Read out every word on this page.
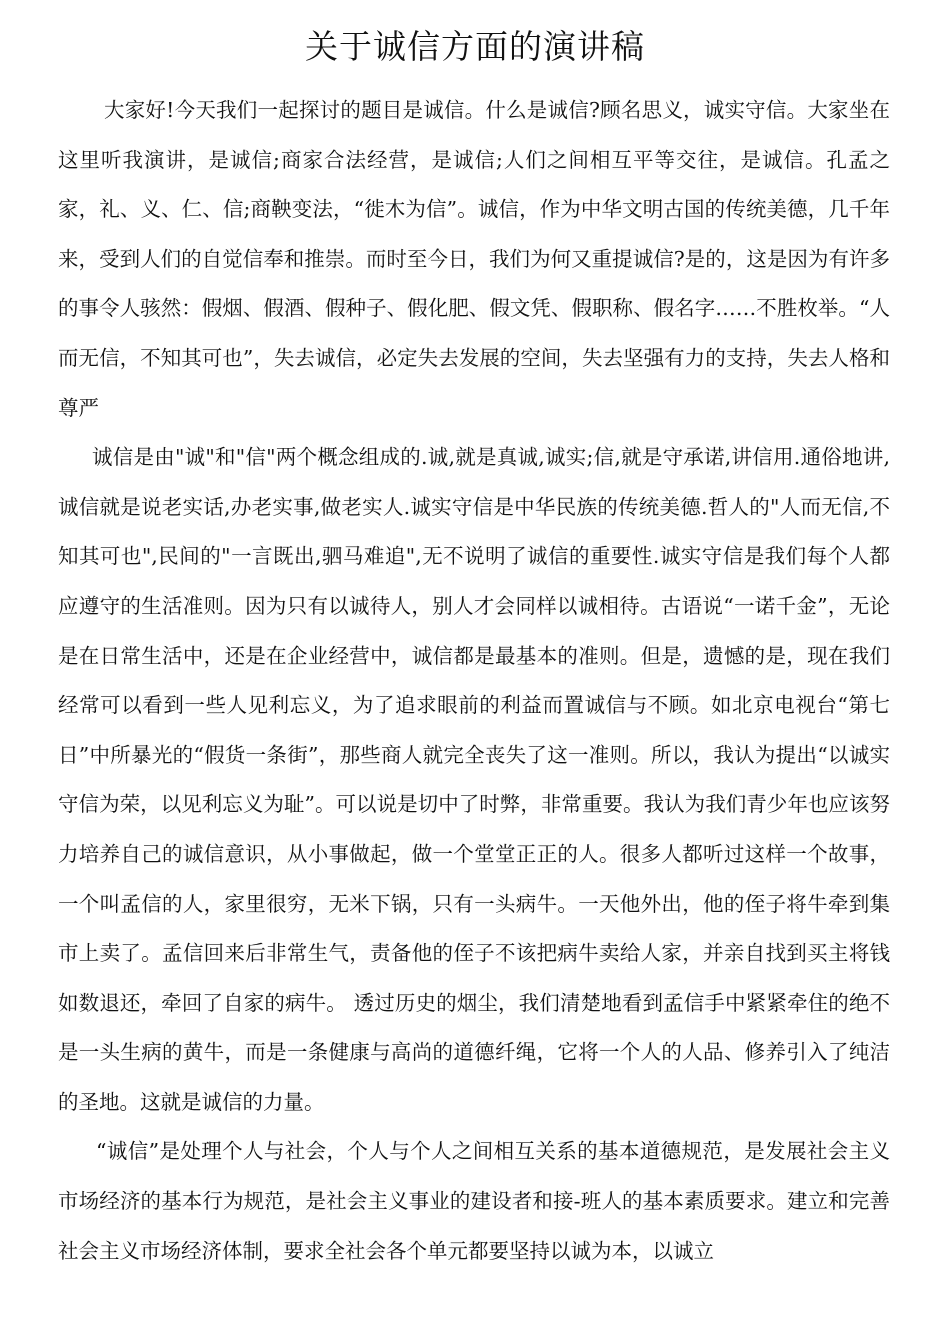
关于诚信方面的演讲稿

大家好!今天我们一起探讨的题目是诚信。什么是诚信?顾名思义，诚实守信。大家坐在这里听我演讲，是诚信;商家合法经营，是诚信;人们之间相互平等交往，是诚信。孔孟之家，礼、义、仁、信;商鞅变法，“徙木为信”。诚信，作为中华文明古国的传统美德，几千年来，受到人们的自觉信奉和推崇。而时至今日，我们为何又重提诚信?是的，这是因为有许多的事令人骇然：假烟、假酒、假种子、假化肥、假文凭、假职称、假名字……不胜枚举。“人而无信，不知其可也”，失去诚信，必定失去发展的空间，失去坚强有力的支持，失去人格和尊严

诚信是由"诚"和"信"两个概念组成的.诚,就是真诚,诚实;信,就是守承诺,讲信用.通俗地讲,诚信就是说老实话,办老实事,做老实人.诚实守信是中华民族的传统美德.哲人的"人而无信,不知其可也",民间的"一言既出,驷马难追",无不说明了诚信的重要性.诚实守信是我们每个人都应遵守的生活准则。因为只有以诚待人，别人才会同样以诚相待。古语说“一诺千金”，无论是在日常生活中，还是在企业经营中，诚信都是最基本的准则。但是，遗憾的是，现在我们经常可以看到一些人见利忘义，为了追求眼前的利益而置诚信与不顾。如北京电视台“第七日”中所暴光的“假货一条街”，那些商人就完全丧失了这一准则。所以，我认为提出“以诚实守信为荣，以见利忘义为耻”。可以说是切中了时弊，非常重要。我认为我们青少年也应该努力培养自己的诚信意识，从小事做起，做一个堂堂正正的人。很多人都听过这样一个故事，一个叫孟信的人，家里很穷，无米下锅，只有一头病牛。一天他外出，他的侄子将牛牵到集市上卖了。孟信回来后非常生气，责备他的侄子不该把病牛卖给人家，并亲自找到买主将钱如数退还，牵回了自家的病牛。 透过历史的烟尘，我们清楚地看到孟信手中紧紧牵住的绝不是一头生病的黄牛，而是一条健康与高尚的道德纤绳，它将一个人的人品、修养引入了纯洁的圣地。这就是诚信的力量。

“诚信”是处理个人与社会，个人与个人之间相互关系的基本道德规范，是发展社会主义市场经济的基本行为规范，是社会主义事业的建设者和接-班人的基本素质要求。建立和完善社会主义市场经济体制，要求全社会各个单元都要坚持以诚为本，以诚立
